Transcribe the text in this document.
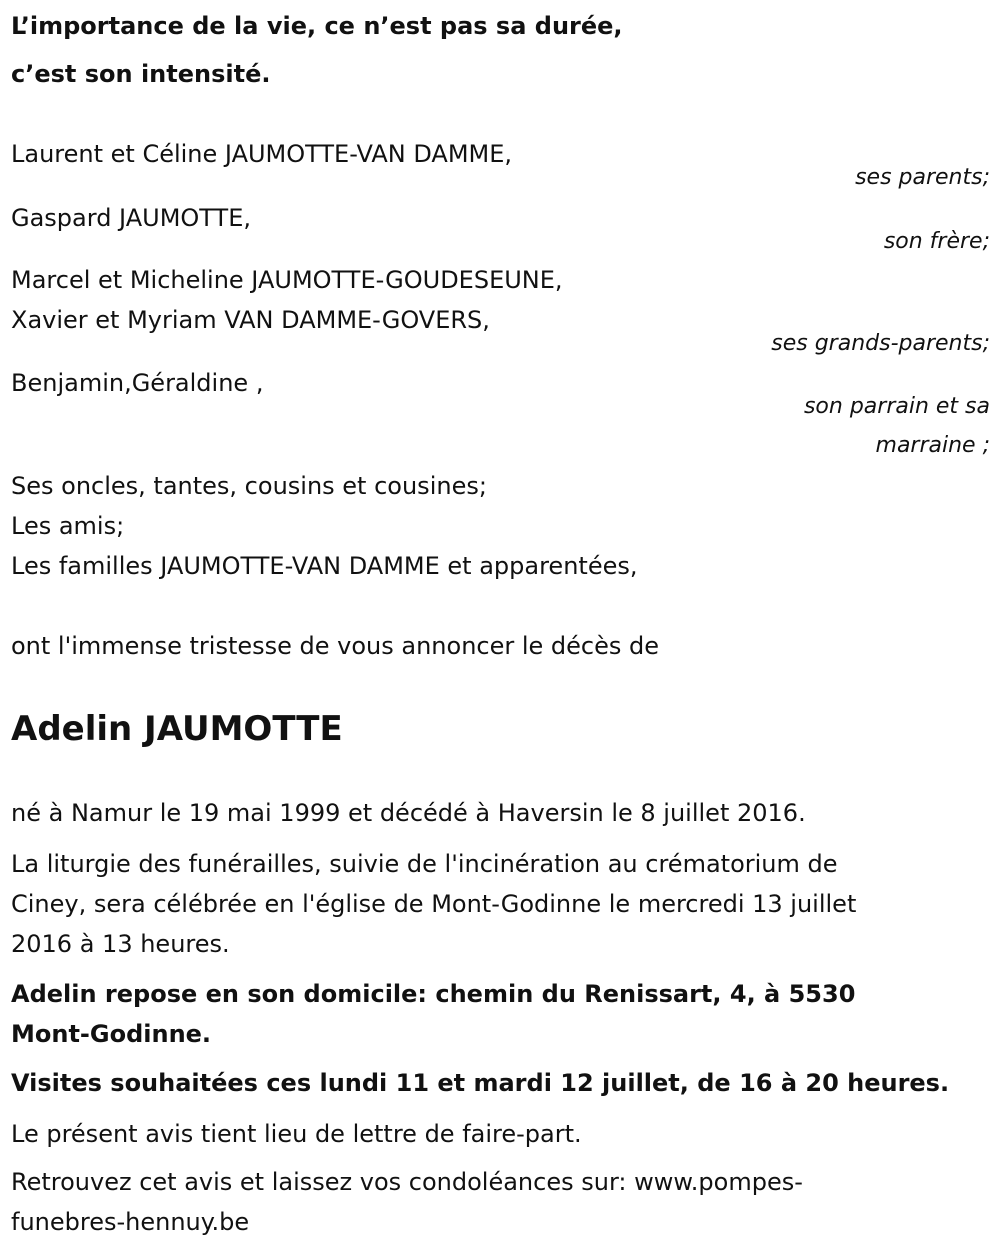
L’importance de la vie, ce n’est pas sa durée,
c’est son intensité.
Laurent et Céline JAUMOTTE-VAN DAMME,
ses parents;
Gaspard JAUMOTTE,
son frère;
Marcel et Micheline JAUMOTTE-GOUDESEUNE,
Xavier et Myriam VAN DAMME-GOVERS,
ses grands-parents;
Benjamin,Géraldine ,
son parrain et sa
marraine ;
Ses oncles, tantes, cousins et cousines;
Les amis;
Les familles JAUMOTTE-VAN DAMME et apparentées,
ont l'immense tristesse de vous annoncer le décès de
Adelin JAUMOTTE
né à Namur le 19 mai 1999 et décédé à Haversin le 8 juillet 2016.
La liturgie des funérailles, suivie de l'incinération au crématorium de
Ciney, sera célébrée en l'église de Mont-Godinne le mercredi 13 juillet
2016 à 13 heures.
Adelin repose en son domicile: chemin du Renissart, 4, à 5530
Mont-Godinne.
Visites souhaitées ces lundi 11 et mardi 12 juillet, de 16 à 20 heures.
Le présent avis tient lieu de lettre de faire-part.
Retrouvez cet avis et laissez vos condoléances sur: www.pompes-
funebres-hennuy.be
